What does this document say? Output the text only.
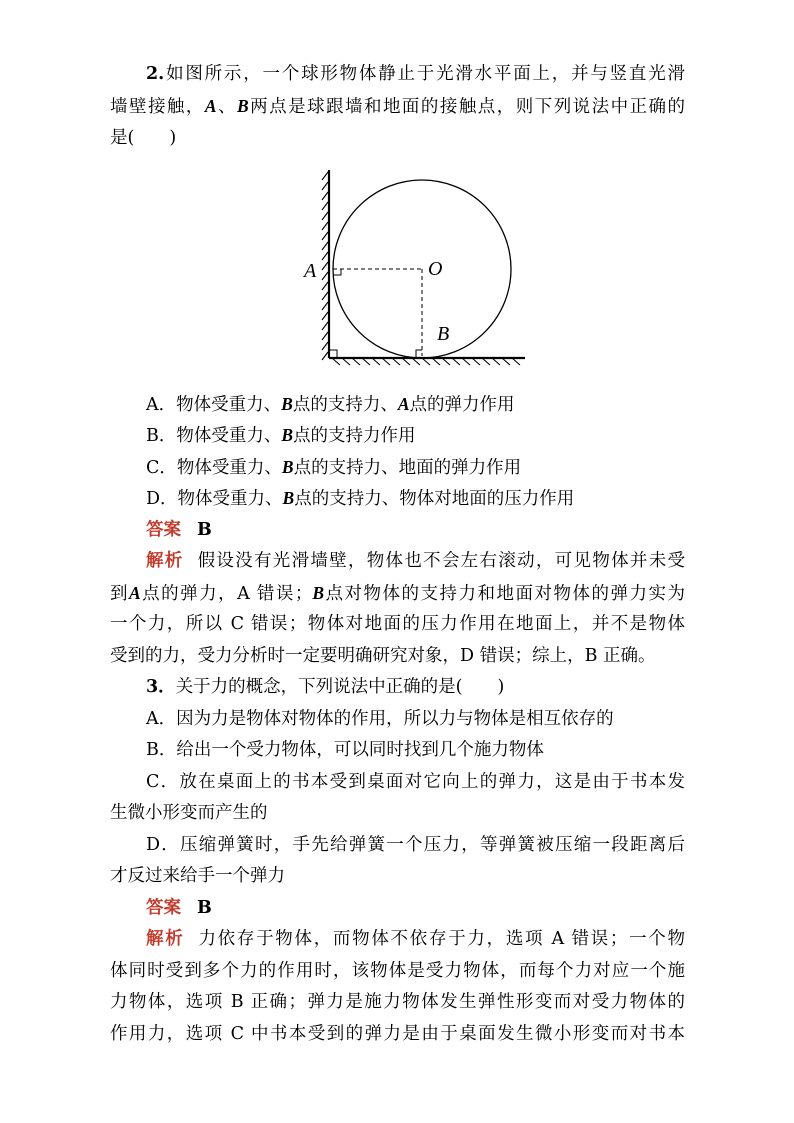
2.如图所示，一个球形物体静止于光滑水平面上，并与竖直光滑
墙壁接触，A、B两点是球跟墙和地面的接触点，则下列说法中正确的
是(　　)
A	O
B
A．物体受重力、B点的支持力、A点的弹力作用
B．物体受重力、B点的支持力作用
C．物体受重力、B点的支持力、地面的弹力作用
D．物体受重力、B点的支持力、物体对地面的压力作用
答案 B
解析 假设没有光滑墙壁，物体也不会左右滚动，可见物体并未受
到A点的弹力，A 错误；B点对物体的支持力和地面对物体的弹力实为
一个力，所以 C 错误；物体对地面的压力作用在地面上，并不是物体
受到的力，受力分析时一定要明确研究对象，D 错误；综上，B 正确。
3．关于力的概念，下列说法中正确的是(　　)
A．因为力是物体对物体的作用，所以力与物体是相互依存的
B．给出一个受力物体，可以同时找到几个施力物体
C．放在桌面上的书本受到桌面对它向上的弹力，这是由于书本发
生微小形变而产生的
D．压缩弹簧时，手先给弹簧一个压力，等弹簧被压缩一段距离后
才反过来给手一个弹力
答案 B
解析 力依存于物体，而物体不依存于力，选项 A 错误；一个物
体同时受到多个力的作用时，该物体是受力物体，而每个力对应一个施
力物体，选项 B 正确；弹力是施力物体发生弹性形变而对受力物体的
作用力，选项 C 中书本受到的弹力是由于桌面发生微小形变而对书本
